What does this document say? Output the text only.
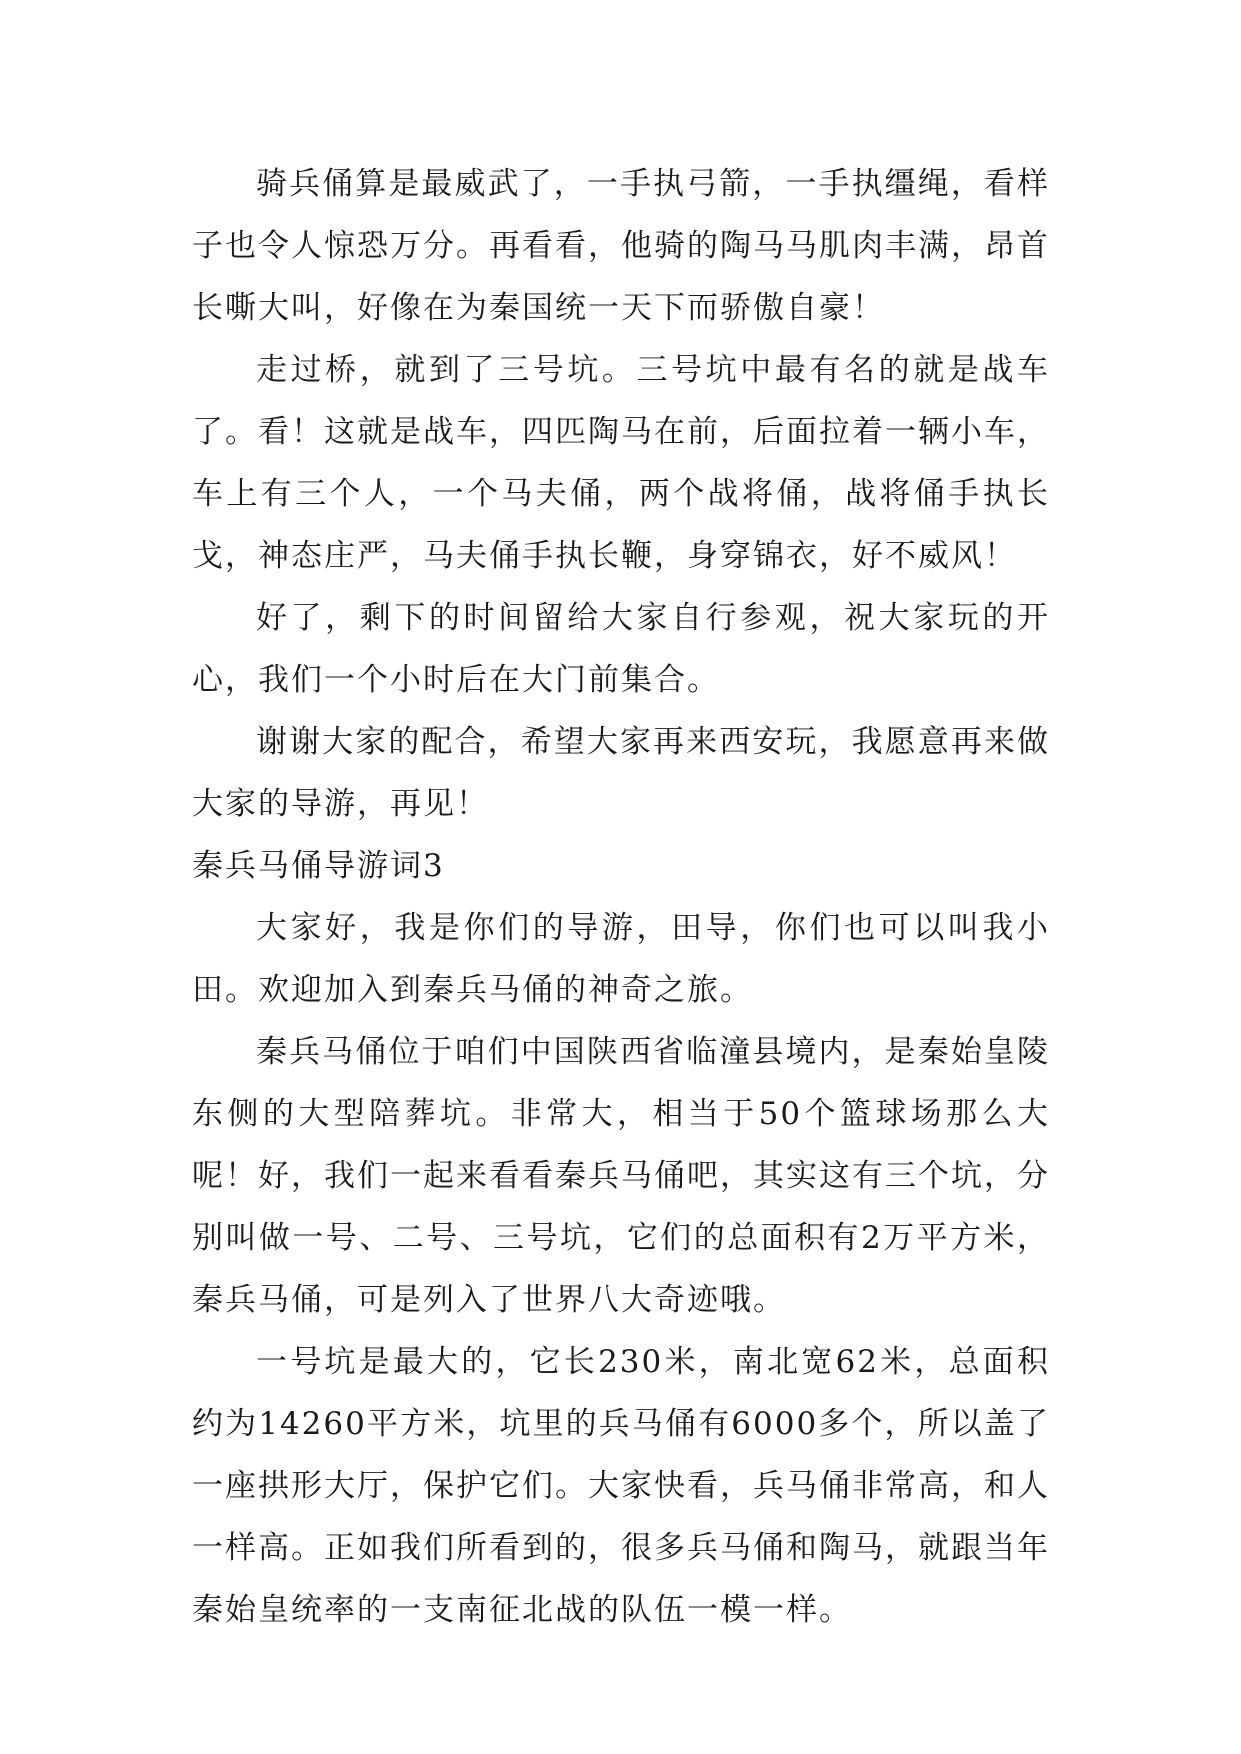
骑兵俑算是最威武了，一手执弓箭，一手执缰绳，看样子也令人惊恐万分。再看看，他骑的陶马马肌肉丰满，昂首长嘶大叫，好像在为秦国统一天下而骄傲自豪！

走过桥，就到了三号坑。三号坑中最有名的就是战车了。看！这就是战车，四匹陶马在前，后面拉着一辆小车，车上有三个人，一个马夫俑，两个战将俑，战将俑手执长戈，神态庄严，马夫俑手执长鞭，身穿锦衣，好不威风！

好了，剩下的时间留给大家自行参观，祝大家玩的开心，我们一个小时后在大门前集合。

谢谢大家的配合，希望大家再来西安玩，我愿意再来做大家的导游，再见！

秦兵马俑导游词3

大家好，我是你们的导游，田导，你们也可以叫我小田。欢迎加入到秦兵马俑的神奇之旅。

秦兵马俑位于咱们中国陕西省临潼县境内，是秦始皇陵东侧的大型陪葬坑。非常大，相当于50个篮球场那么大呢！好，我们一起来看看秦兵马俑吧，其实这有三个坑，分别叫做一号、二号、三号坑，它们的总面积有2万平方米，秦兵马俑，可是列入了世界八大奇迹哦。

一号坑是最大的，它长230米，南北宽62米，总面积约为14260平方米，坑里的兵马俑有6000多个，所以盖了一座拱形大厅，保护它们。大家快看，兵马俑非常高，和人一样高。正如我们所看到的，很多兵马俑和陶马，就跟当年秦始皇统率的一支南征北战的队伍一模一样。
